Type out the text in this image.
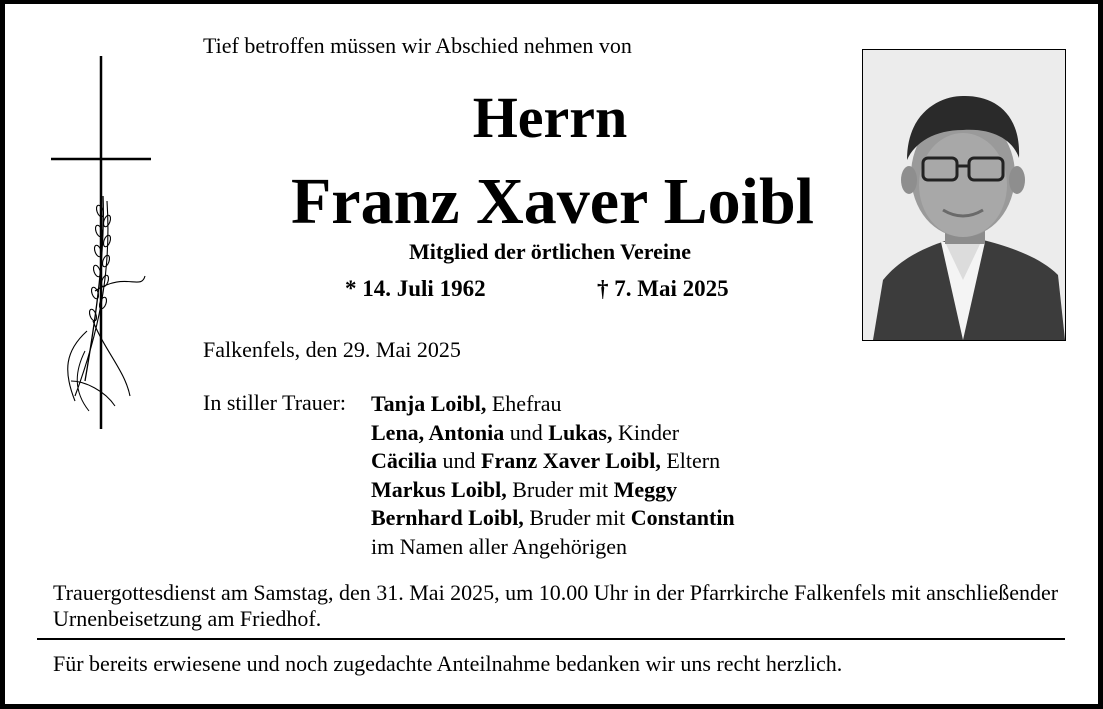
Tief betroffen müssen wir Abschied nehmen von
Herrn
Franz Xaver Loibl
Mitglied der örtlichen Vereine
* 14. Juli 1962	† 7. Mai 2025
Falkenfels, den 29. Mai 2025
In stiller Trauer: Tanja Loibl, Ehefrau
Lena, Antonia und Lukas, Kinder
Cäcilia und Franz Xaver Loibl, Eltern
Markus Loibl, Bruder mit Meggy
Bernhard Loibl, Bruder mit Constantin
im Namen aller Angehörigen
Trauergottesdienst am Samstag, den 31. Mai 2025, um 10.00 Uhr in der Pfarrkirche Falkenfels mit anschließender Urnenbeisetzung am Friedhof.
Für bereits erwiesene und noch zugedachte Anteilnahme bedanken wir uns recht herzlich.
